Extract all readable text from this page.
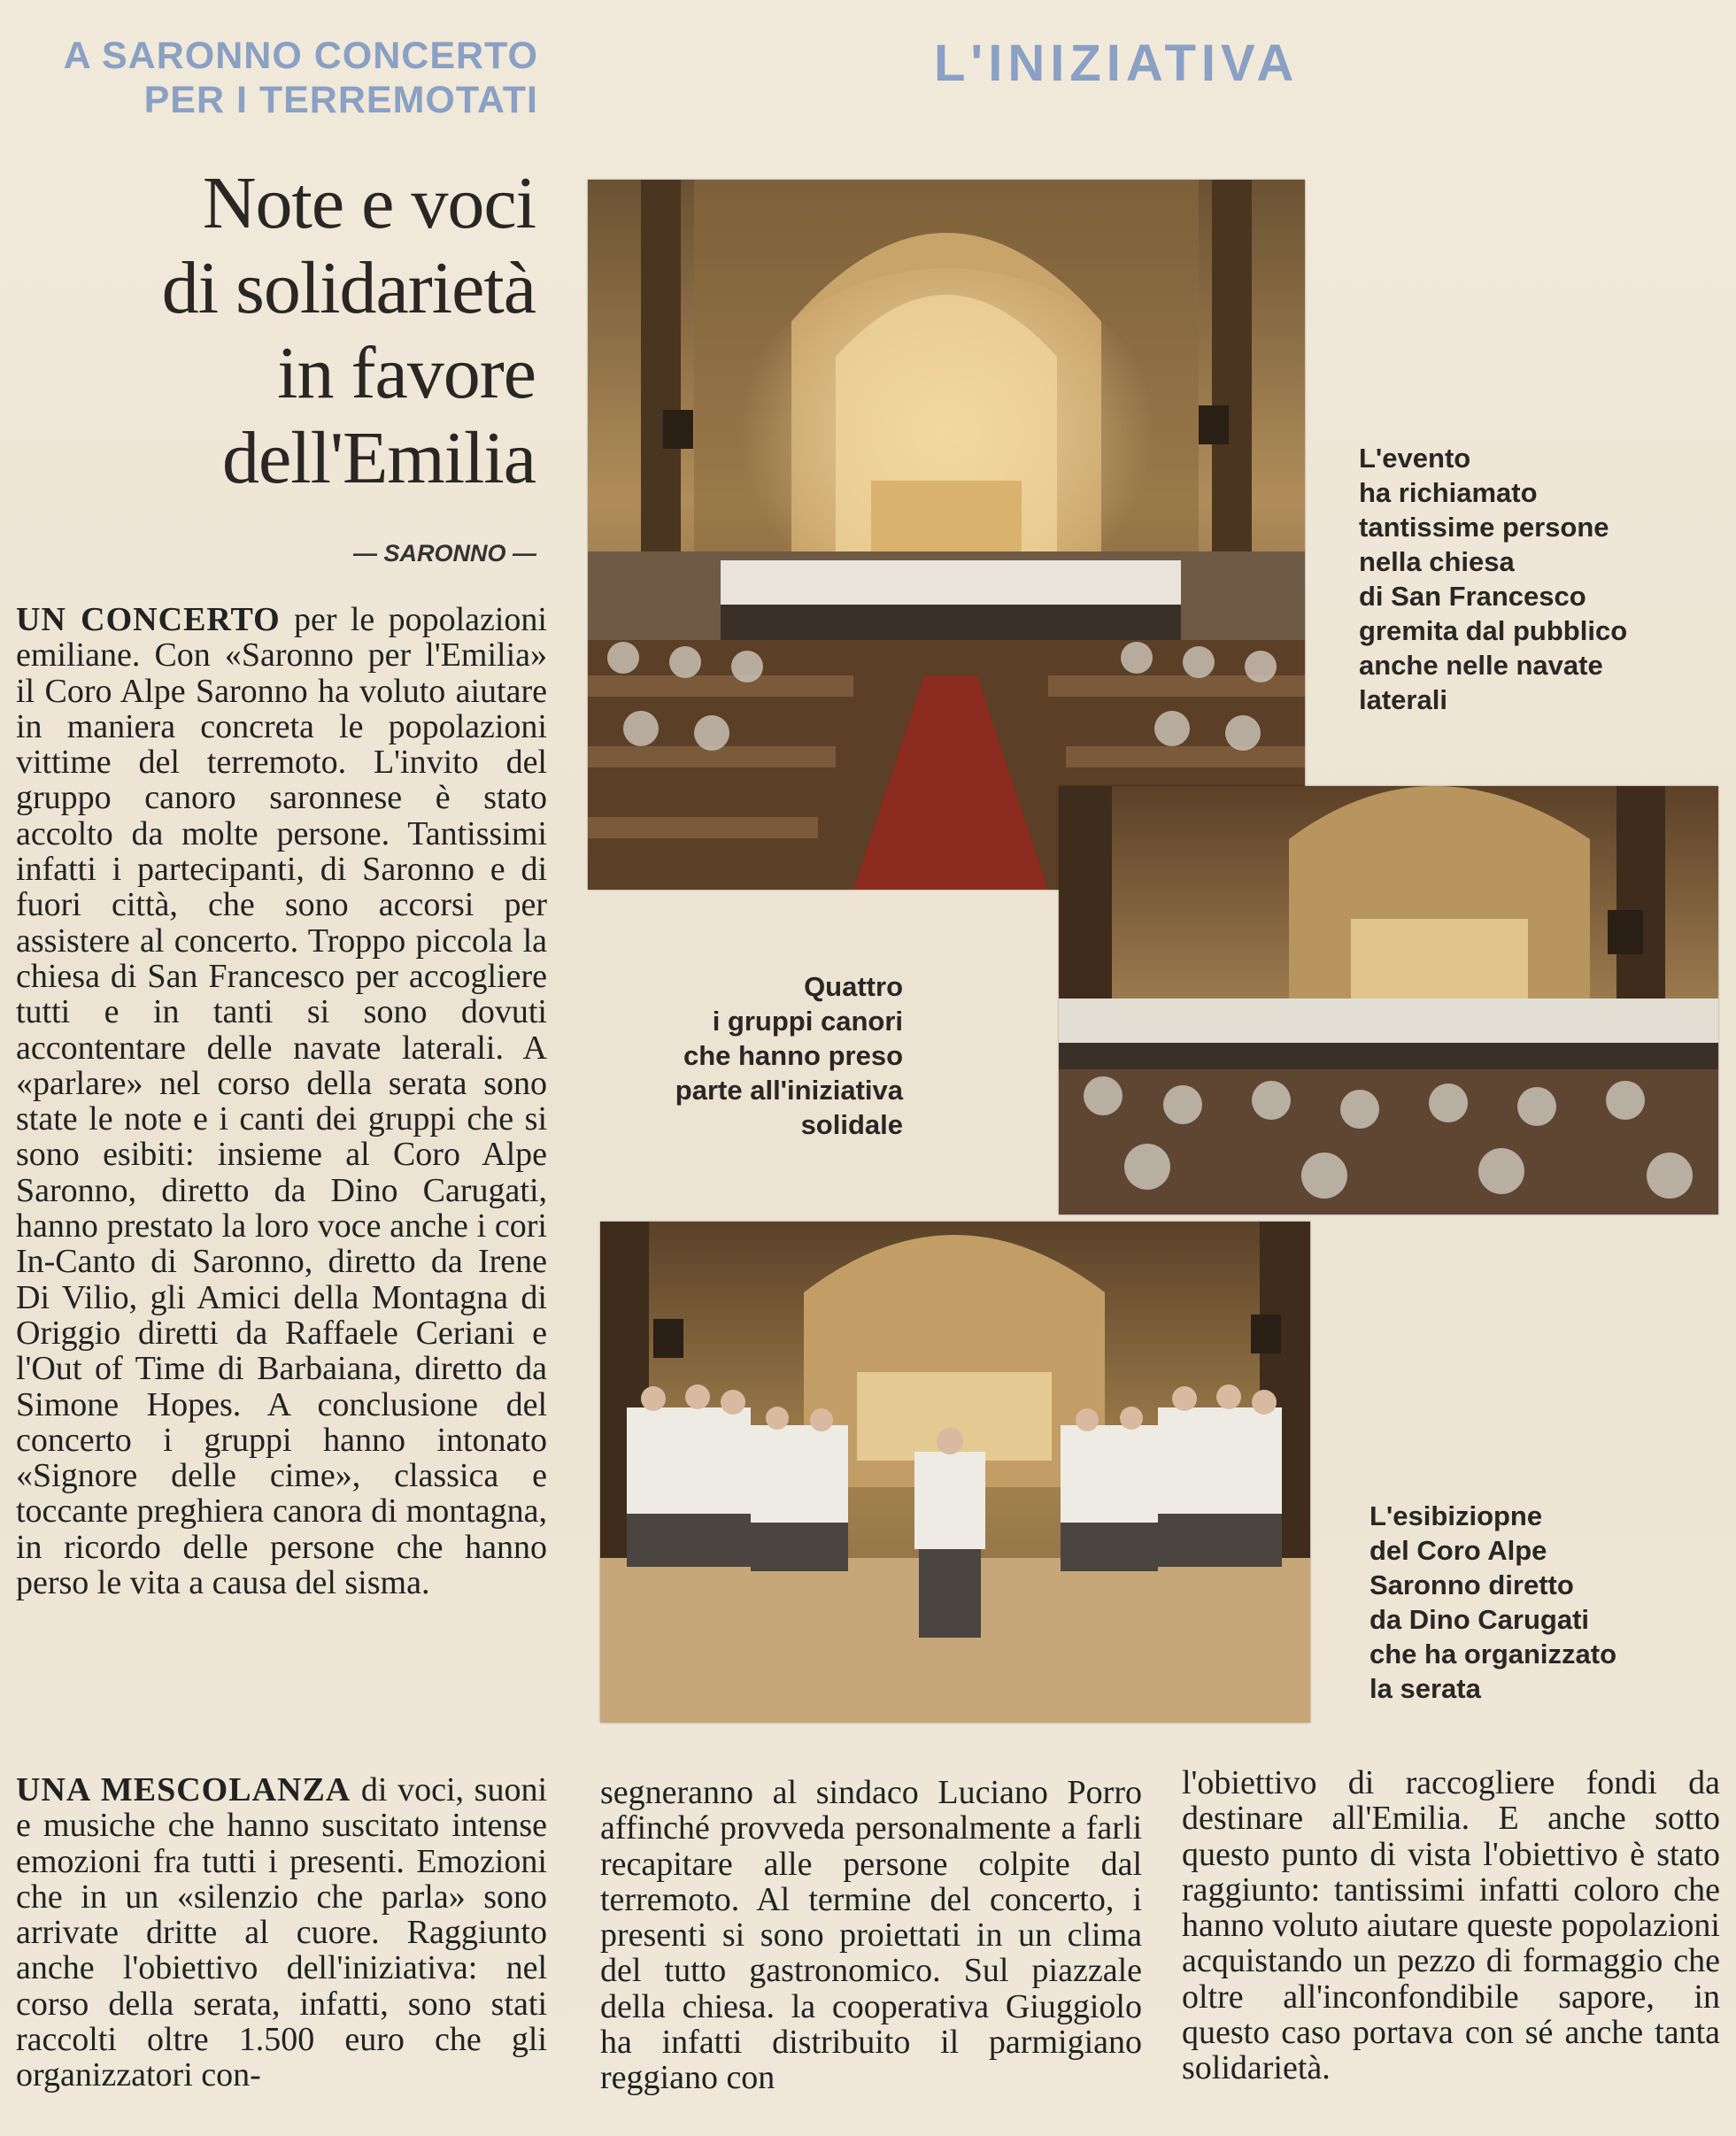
A SARONNO CONCERTO
PER I TERREMOTATI
L'INIZIATIVA
Note e voci
di solidarietà
in favore
dell'Emilia
— SARONNO —

UN CONCERTO per le popolazioni emiliane. Con «Saronno per l'Emilia» il Coro Alpe Saronno ha voluto aiutare in maniera concreta le popolazioni vittime del terremoto. L'invito del gruppo canoro saronnese è stato accolto da molte persone. Tantissimi infatti i partecipanti, di Saronno e di fuori città, che sono accorsi per assistere al concerto. Troppo piccola la chiesa di San Francesco per accogliere tutti e in tanti si sono dovuti accontentare delle navate laterali. A «parlare» nel corso della serata sono state le note e i canti dei gruppi che si sono esibiti: insieme al Coro Alpe Saronno, diretto da Dino Carugati, hanno prestato la loro voce anche i cori In-Canto di Saronno, diretto da Irene Di Vilio, gli Amici della Montagna di Origgio diretti da Raffaele Ceriani e l'Out of Time di Barbaiana, diretto da Simone Hopes. A conclusione del concerto i gruppi hanno intonato «Signore delle cime», classica e toccante preghiera canora di montagna, in ricordo delle persone che hanno perso le vita a causa del sisma.

UNA MESCOLANZA di voci, suoni e musiche che hanno suscitato intense emozioni fra tutti i presenti. Emozioni che in un «silenzio che parla» sono arrivate dritte al cuore. Raggiunto anche l'obiettivo dell'iniziativa: nel corso della serata, infatti, sono stati raccolti oltre 1.500 euro che gli organizzatori con-

segneranno al sindaco Luciano Porro affinché provveda personalmente a farli recapitare alle persone colpite dal terremoto. Al termine del concerto, i presenti si sono proiettati in un clima del tutto gastronomico. Sul piazzale della chiesa. la cooperativa Giuggiolo ha infatti distribuito il parmigiano reggiano con

l'obiettivo di raccogliere fondi da destinare all'Emilia. E anche sotto questo punto di vista l'obiettivo è stato raggiunto: tantissimi infatti coloro che hanno voluto aiutare queste popolazioni acquistando un pezzo di formaggio che oltre all'inconfondibile sapore, in questo caso portava con sé anche tanta solidarietà.

L'evento
ha richiamato
tantissime persone
nella chiesa
di San Francesco
gremita dal pubblico
anche nelle navate
laterali
Quattro
i gruppi canori
che hanno preso
parte all'iniziativa
solidale
L'esibiziopne
del Coro Alpe
Saronno diretto
da Dino Carugati
che ha organizzato
la serata
